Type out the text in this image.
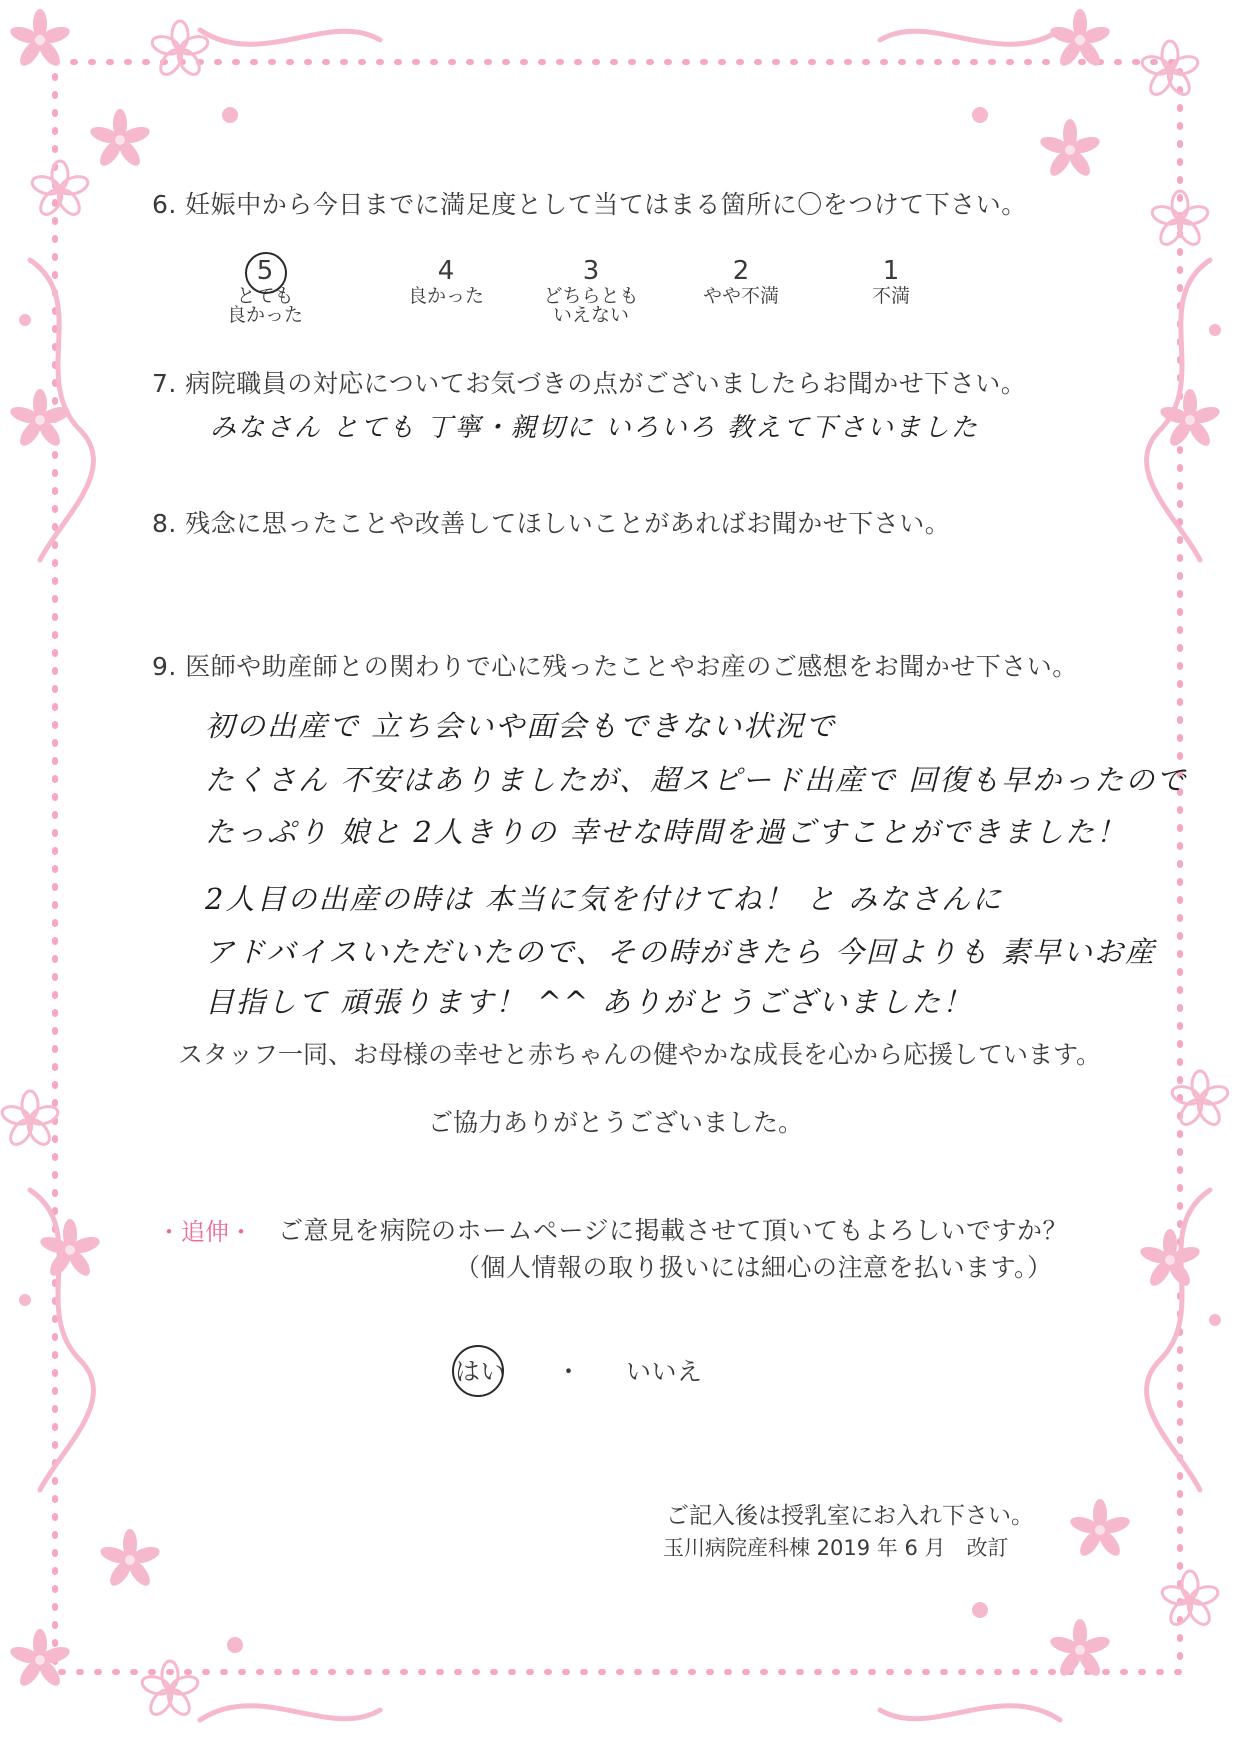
6. 妊娠中から今日までに満足度として当てはまる箇所に〇をつけて下さい。
5
とても
良かった
4
良かった

3
どちらとも
いえない
2
やや不満

1
不満

7. 病院職員の対応についてお気づきの点がございましたらお聞かせ下さい。
みなさん とても 丁寧・親切に いろいろ 教えて下さいました
8. 残念に思ったことや改善してほしいことがあればお聞かせ下さい。
9. 医師や助産師との関わりで心に残ったことやお産のご感想をお聞かせ下さい。
初の出産で 立ち会いや面会もできない状況で
たくさん 不安はありましたが、超スピード出産で 回復も早かったので
たっぷり 娘と 2人きりの 幸せな時間を過ごすことができました！
2人目の出産の時は 本当に気を付けてね！ と みなさんに
アドバイスいただいたので、その時がきたら 今回よりも 素早いお産
目指して 頑張ります！ ^^ ありがとうございました！
スタッフ一同、お母様の幸せと赤ちゃんの健やかな成長を心から応援しています。
ご協力ありがとうございました。
・追伸・ ご意見を病院のホームページに掲載させて頂いてもよろしいですか？
（個人情報の取り扱いには細心の注意を払います。）
はい ・ いいえ
ご記入後は授乳室にお入れ下さい。
玉川病院産科棟 2019 年 6 月　改訂
